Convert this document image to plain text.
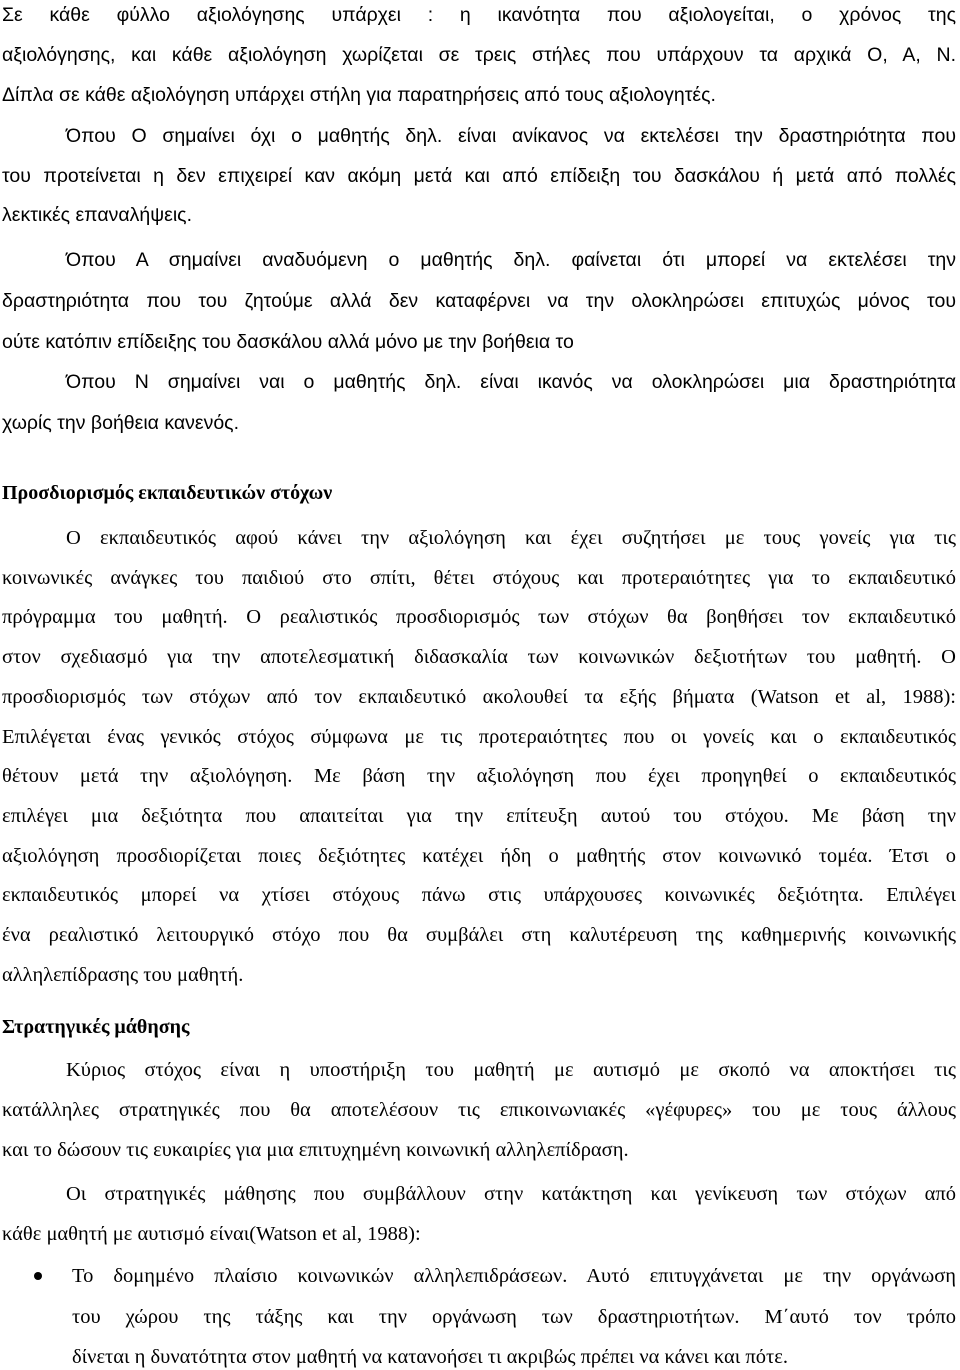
Σε κάθε φύλλο αξιολόγησης υπάρχει : η ικανότητα που αξιολογείται, ο χρόνος της
αξιολόγησης, και κάθε αξιολόγηση χωρίζεται σε τρεις στήλες που υπάρχουν τα αρχικά Ο, Α, Ν.
Δίπλα σε κάθε αξιολόγηση υπάρχει στήλη για παρατηρήσεις από τους αξιολογητές.
Όπου Ο σημαίνει όχι ο μαθητής δηλ. είναι ανίκανος να εκτελέσει την δραστηριότητα που
του προτείνεται η δεν επιχειρεί καν ακόμη μετά και από επίδειξη του δασκάλου ή μετά από πολλές
λεκτικές επαναλήψεις.
Όπου Α σημαίνει αναδυόμενη ο μαθητής δηλ. φαίνεται ότι μπορεί να εκτελέσει την
δραστηριότητα που του ζητούμε αλλά δεν καταφέρνει να την ολοκληρώσει επιτυχώς μόνος του
ούτε κατόπιν επίδειξης του δασκάλου αλλά μόνο με την βοήθεια το
Όπου Ν σημαίνει ναι ο μαθητής δηλ. είναι ικανός να ολοκληρώσει μια δραστηριότητα
χωρίς την βοήθεια κανενός.
Προσδιορισμός εκπαιδευτικών στόχων
Ο εκπαιδευτικός αφού κάνει την αξιολόγηση και έχει συζητήσει με τους γονείς για τις
κοινωνικές ανάγκες του παιδιού στο σπίτι, θέτει στόχους και προτεραιότητες για το εκπαιδευτικό
πρόγραμμα του μαθητή. Ο ρεαλιστικός προσδιορισμός των στόχων θα βοηθήσει τον εκπαιδευτικό
στον σχεδιασμό για την αποτελεσματική διδασκαλία των κοινωνικών δεξιοτήτων του μαθητή. Ο
προσδιορισμός των στόχων από τον εκπαιδευτικό ακολουθεί τα εξής βήματα (Watson et al, 1988):
Επιλέγεται ένας γενικός στόχος σύμφωνα με τις προτεραιότητες που οι γονείς και ο εκπαιδευτικός
θέτουν μετά την αξιολόγηση. Με βάση την αξιολόγηση που έχει προηγηθεί ο εκπαιδευτικός
επιλέγει μια δεξιότητα που απαιτείται για την επίτευξη αυτού του στόχου. Με βάση την
αξιολόγηση προσδιορίζεται ποιες δεξιότητες κατέχει ήδη ο μαθητής στον κοινωνικό τομέα. Έτσι ο
εκπαιδευτικός μπορεί να χτίσει στόχους πάνω στις υπάρχουσες κοινωνικές δεξιότητα. Επιλέγει
ένα ρεαλιστικό λειτουργικό στόχο που θα συμβάλει στη καλυτέρευση της καθημερινής κοινωνικής
αλληλεπίδρασης του μαθητή.
Στρατηγικές μάθησης
Κύριος στόχος είναι η υποστήριξη του μαθητή με αυτισμό με σκοπό να αποκτήσει τις
κατάλληλες στρατηγικές που θα αποτελέσουν τις επικοινωνιακές «γέφυρες» του με τους άλλους
και το δώσουν τις ευκαιρίες για μια επιτυχημένη κοινωνική αλληλεπίδραση.
Οι στρατηγικές μάθησης που συμβάλλουν στην κατάκτηση και γενίκευση των στόχων από
κάθε μαθητή με αυτισμό είναι(Watson et al, 1988):
Το δομημένο πλαίσιο κοινωνικών αλληλεπιδράσεων. Αυτό επιτυγχάνεται με την οργάνωση
του χώρου της τάξης και την οργάνωση των δραστηριοτήτων. Μ΄αυτό τον τρόπο
δίνεται η δυνατότητα στον μαθητή να κατανοήσει τι ακριβώς πρέπει να κάνει και πότε.
